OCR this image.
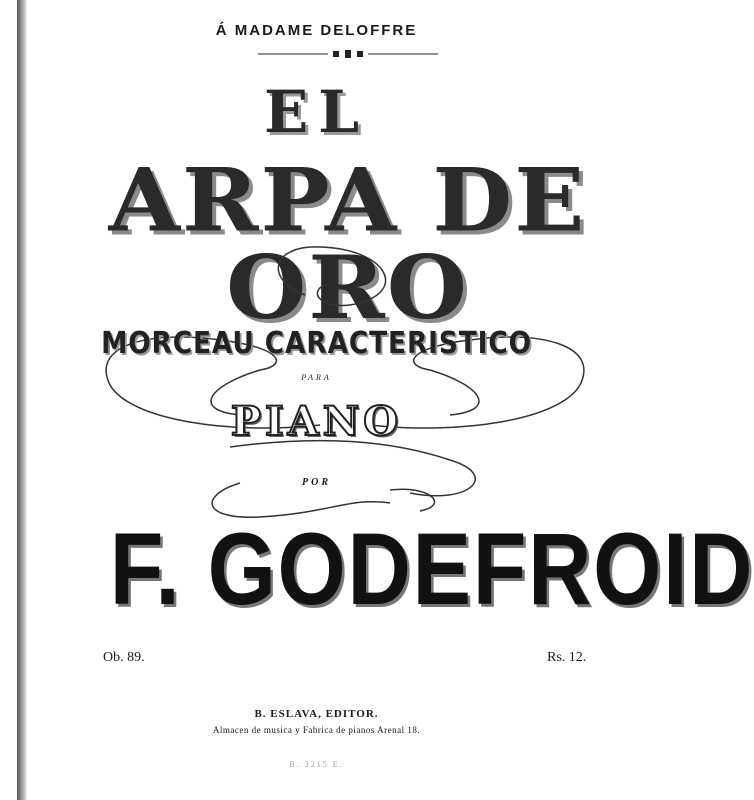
Á MADAME DELOFFRE
EL
ARPA DE ORO
MORCEAU CARACTERISTICO
PARA
PIANO
POR
F. GODEFROID
Ob. 89.	Rs. 12.
B. ESLAVA, EDITOR.
Almacen de musica y Fabrica de pianos Arenal 18.
B. 3215 E.
